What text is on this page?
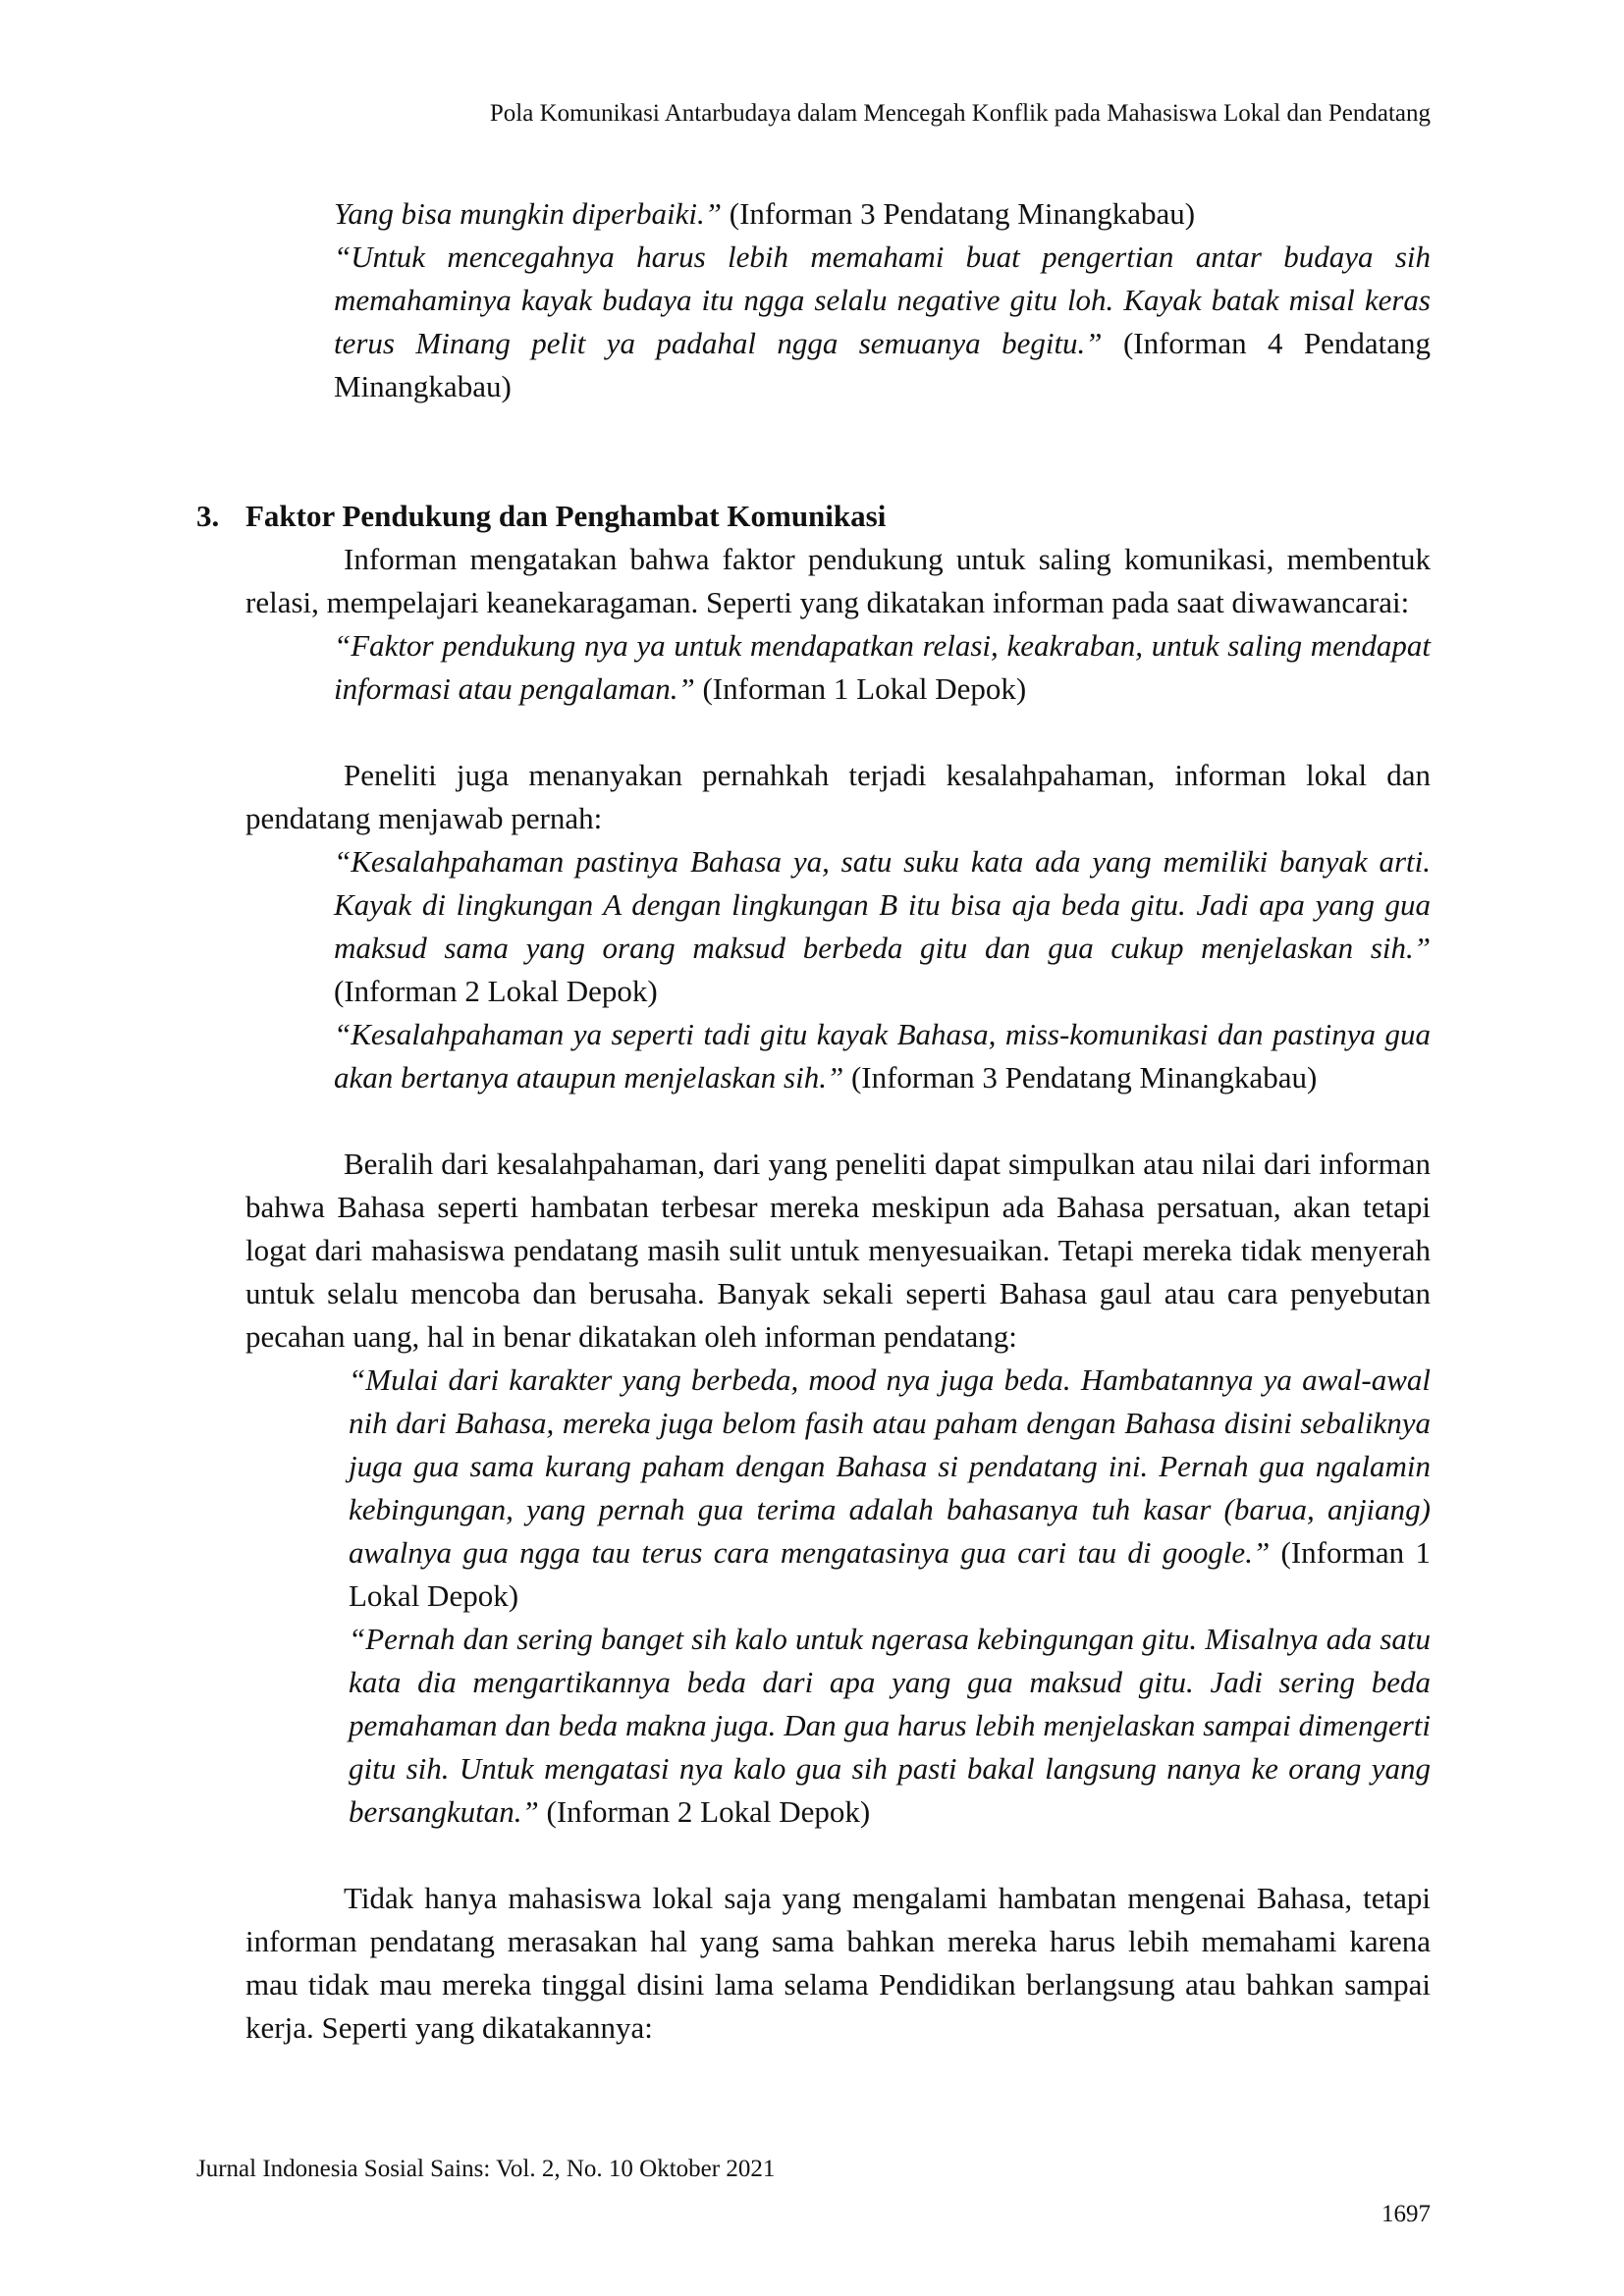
Pola Komunikasi Antarbudaya dalam Mencegah Konflik pada Mahasiswa Lokal dan Pendatang
Yang bisa mungkin diperbaiki.” (Informan 3 Pendatang Minangkabau)
“Untuk mencegahnya harus lebih memahami buat pengertian antar budaya sih memahaminya kayak budaya itu ngga selalu negative gitu loh. Kayak batak misal keras terus Minang pelit ya padahal ngga semuanya begitu.” (Informan 4 Pendatang Minangkabau)
3. Faktor Pendukung dan Penghambat Komunikasi

Informan mengatakan bahwa faktor pendukung untuk saling komunikasi, membentuk relasi, mempelajari keanekaragaman. Seperti yang dikatakan informan pada saat diwawancarai:

“Faktor pendukung nya ya untuk mendapatkan relasi, keakraban, untuk saling mendapat informasi atau pengalaman.” (Informan 1 Lokal Depok)

Peneliti juga menanyakan pernahkah terjadi kesalahpahaman, informan lokal dan pendatang menjawab pernah:

“Kesalahpahaman pastinya Bahasa ya, satu suku kata ada yang memiliki banyak arti. Kayak di lingkungan A dengan lingkungan B itu bisa aja beda gitu. Jadi apa yang gua maksud sama yang orang maksud berbeda gitu dan gua cukup menjelaskan sih.” (Informan 2 Lokal Depok)
“Kesalahpahaman ya seperti tadi gitu kayak Bahasa, miss-komunikasi dan pastinya gua akan bertanya ataupun menjelaskan sih.” (Informan 3 Pendatang Minangkabau)

Beralih dari kesalahpahaman, dari yang peneliti dapat simpulkan atau nilai dari informan bahwa Bahasa seperti hambatan terbesar mereka meskipun ada Bahasa persatuan, akan tetapi logat dari mahasiswa pendatang masih sulit untuk menyesuaikan. Tetapi mereka tidak menyerah untuk selalu mencoba dan berusaha. Banyak sekali seperti Bahasa gaul atau cara penyebutan pecahan uang, hal in benar dikatakan oleh informan pendatang:

“Mulai dari karakter yang berbeda, mood nya juga beda. Hambatannya ya awal-awal nih dari Bahasa, mereka juga belom fasih atau paham dengan Bahasa disini sebaliknya juga gua sama kurang paham dengan Bahasa si pendatang ini. Pernah gua ngalamin kebingungan, yang pernah gua terima adalah bahasanya tuh kasar (barua, anjiang) awalnya gua ngga tau terus cara mengatasinya gua cari tau di google.” (Informan 1 Lokal Depok)
“Pernah dan sering banget sih kalo untuk ngerasa kebingungan gitu. Misalnya ada satu kata dia mengartikannya beda dari apa yang gua maksud gitu. Jadi sering beda pemahaman dan beda makna juga. Dan gua harus lebih menjelaskan sampai dimengerti gitu sih. Untuk mengatasi nya kalo gua sih pasti bakal langsung nanya ke orang yang bersangkutan.” (Informan 2 Lokal Depok)

Tidak hanya mahasiswa lokal saja yang mengalami hambatan mengenai Bahasa, tetapi informan pendatang merasakan hal yang sama bahkan mereka harus lebih memahami karena mau tidak mau mereka tinggal disini lama selama Pendidikan berlangsung atau bahkan sampai kerja. Seperti yang dikatakannya:

Jurnal Indonesia Sosial Sains: Vol. 2, No. 10 Oktober 2021
1697
